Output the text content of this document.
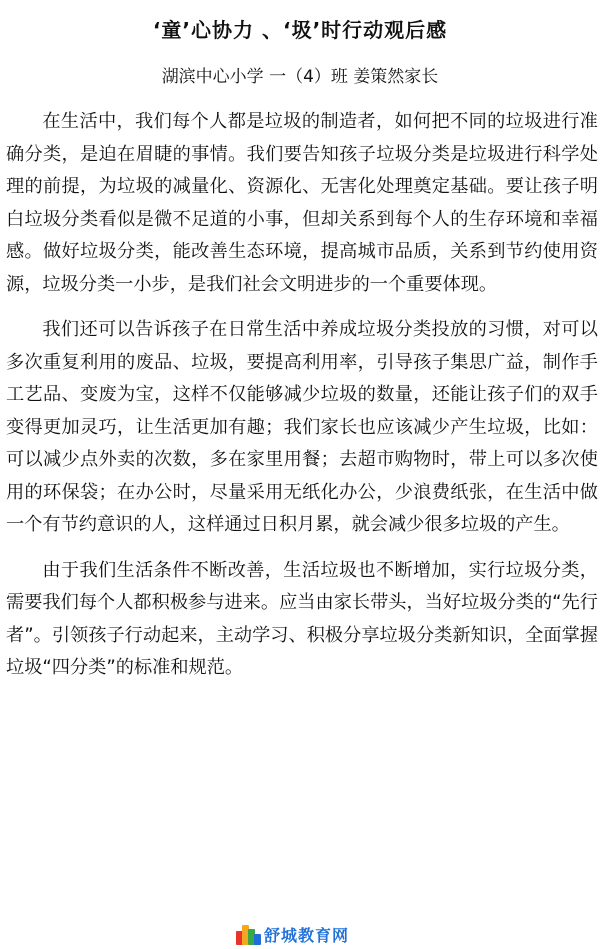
‘童’心协力 、‘圾’时行动观后感
湖滨中心小学 一（4）班 姜策然家长

在生活中，我们每个人都是垃圾的制造者，如何把不同的垃圾进行准确分类，是迫在眉睫的事情。我们要告知孩子垃圾分类是垃圾进行科学处理的前提，为垃圾的减量化、资源化、无害化处理奠定基础。要让孩子明白垃圾分类看似是微不足道的小事，但却关系到每个人的生存环境和幸福感。做好垃圾分类，能改善生态环境，提高城市品质，关系到节约使用资源，垃圾分类一小步，是我们社会文明进步的一个重要体现。

我们还可以告诉孩子在日常生活中养成垃圾分类投放的习惯，对可以多次重复利用的废品、垃圾，要提高利用率，引导孩子集思广益，制作手工艺品、变废为宝，这样不仅能够减少垃圾的数量，还能让孩子们的双手变得更加灵巧，让生活更加有趣；我们家长也应该减少产生垃圾，比如：可以减少点外卖的次数，多在家里用餐；去超市购物时，带上可以多次使用的环保袋；在办公时，尽量采用无纸化办公，少浪费纸张，在生活中做一个有节约意识的人，这样通过日积月累，就会减少很多垃圾的产生。

由于我们生活条件不断改善，生活垃圾也不断增加，实行垃圾分类，需要我们每个人都积极参与进来。应当由家长带头，当好垃圾分类的“先行者”。引领孩子行动起来，主动学习、积极分享垃圾分类新知识，全面掌握垃圾“四分类”的标准和规范。

舒城教育网
